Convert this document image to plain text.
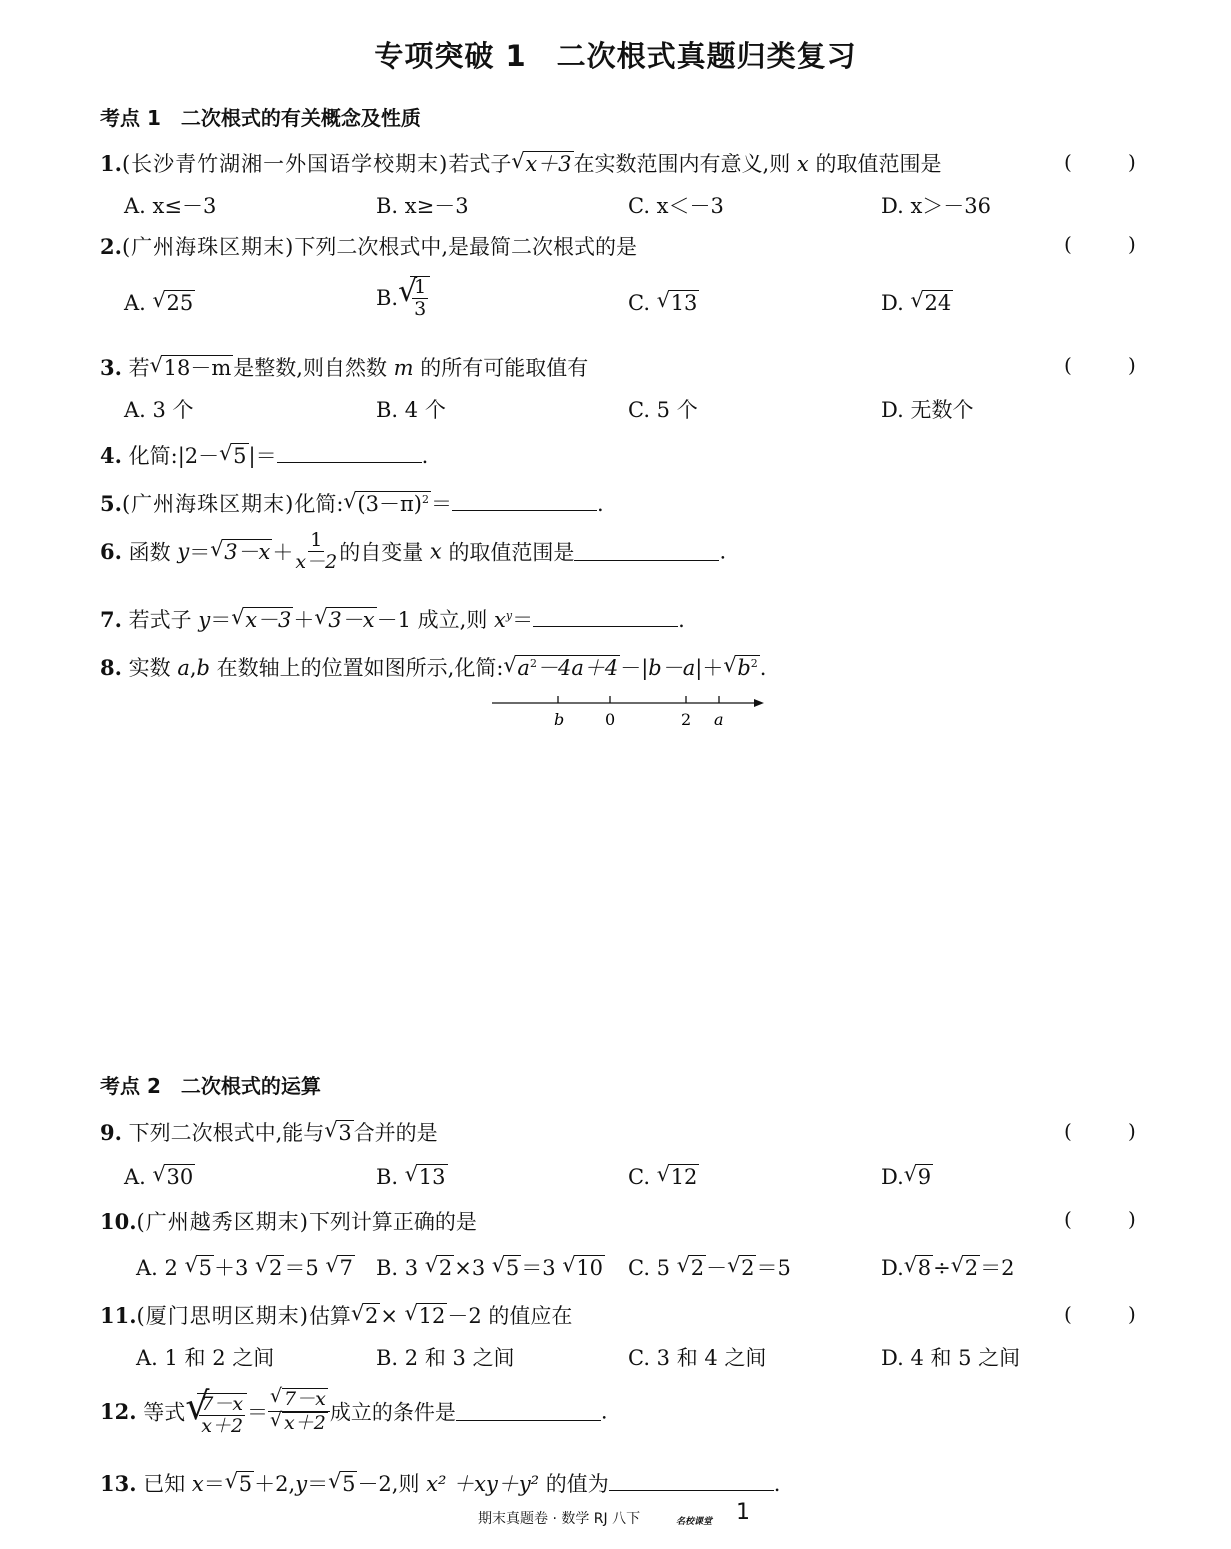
专项突破 1　二次根式真题归类复习
考点 1　二次根式的有关概念及性质
1.(长沙青竹湖湘一外国语学校期末)若式子√ x＋3在实数范围内有意义,则 x 的取值范围是	(	)
A. x≤－3	B. x≥－3	C. x＜－3	D. x＞－36
2.(广州海珠区期末)下列二次根式中,是最简二次根式的是	(	)
A. √ 25	B.
√ $\frac{1}{3}$	C. √ 13	D. √ 24
3. 若√ 18－m是整数,则自然数 m 的所有可能取值有	(	)
A. 3 个	B. 4 个	C. 5 个	D. 无数个
4. 化简:|2－√ 5|＝	.
5.(广州海珠区期末)化简:√ $(3-\pi)^2=$	.
6. 函数 y＝√ $3-x+ \frac{1}{x-2}$ 的自变量 x 的取值范围是	.
7. 若式子 y＝√ x－3＋√ 3－x－1 成立,则 $x^y=$	.
8. 实数 a,b 在数轴上的位置如图所示,化简:√ $a^2-4a+4-|b-a|+√$ $b^2$.
b	0	2 a
考点 2　二次根式的运算
9. 下列二次根式中,能与√ 3合并的是	(	)
A. √ 30	B. √ 13	C. √ 12	D.√ 9
10.(广州越秀区期末)下列计算正确的是	(	)
A. 2 √ 5＋3 √ 2＝5 √ 7 B. 3 √ 2×3 √ 5＝3 √ 10 C. 5 √ 2－√ 2＝5	D.√ 8÷√ 2＝2
11.(厦门思明区期末)估算√ 2× √ 12－2 的值应在	(	)
A. 1 和 2 之间	B. 2 和 3 之间	C. 3 和 4 之间	D. 4 和 5 之间
12. 等式
√ $\frac{7-x}{x+2}$ ＝
√ 7－x
√ x＋2 成立的条件是	.
13. 已知 x＝√ 5＋2,y＝√ 5－2,则 x² ＋xy＋y² 的值为	.
期末真题卷 · 数学 RJ 八下	名校课堂 1
